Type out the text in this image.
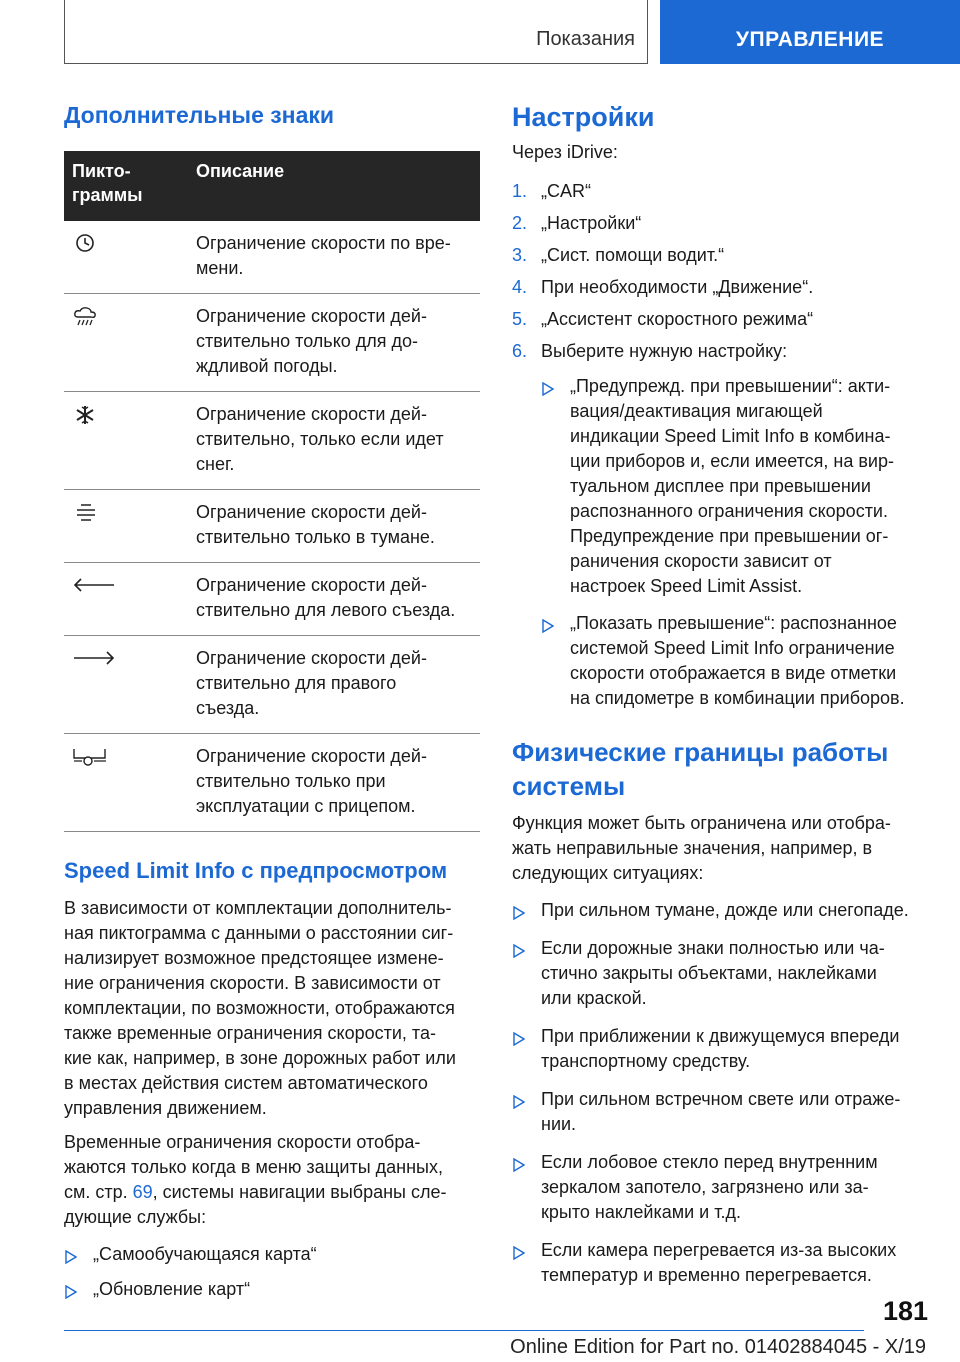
Показания	УПРАВЛЕНИЕ
Дополнительные знаки
Пикто-
граммы	Описание

	Ограничение скорости по вре-
мени.

	Ограничение скорости дей-
ствительно только для до-
ждливой погоды.

	Ограничение скорости дей-
ствительно, только если идет
снег.

	Ограничение скорости дей-
ствительно только в тумане.

	Ограничение скорости дей-
ствительно для левого съезда.

	Ограничение скорости дей-
ствительно для правого
съезда.

	Ограничение скорости дей-
ствительно только при
эксплуатации с прицепом.
Speed Limit Info с предпросмотром

В зависимости от комплектации дополнитель-
ная пиктограмма с данными о расстоянии сиг-
нализирует возможное предстоящее измене-
ние ограничения скорости. В зависимости от
комплектации, по возможности, отображаются
также временные ограничения скорости, та-
кие как, например, в зоне дорожных работ или
в местах действия систем автоматического
управления движением.

Временные ограничения скорости отобра-
жаются только когда в меню защиты данных,
см. стр. 69, системы навигации выбраны сле-
дующие службы:

„Самообучающаяся карта“
„Обновление карт“
Настройки

Через iDrive:

1. „CAR“
2. „Настройки“
3. „Сист. помощи водит.“
4. При необходимости „Движение“.
5. „Ассистент скоростного режима“
6. Выберите нужную настройку:
„Предупрежд. при превышении“: акти-
вация/деактивация мигающей
индикации Speed Limit Info в комбина-
ции приборов и, если имеется, на вир-
туальном дисплее при превышении
распознанного ограничения скорости.
Предупреждение при превышении ог-
раничения скорости зависит от
настроек Speed Limit Assist.
„Показать превышение“: распознанное
системой Speed Limit Info ограничение
скорости отображается в виде отметки
на спидометре в комбинации приборов.
Физические границы работы
системы

Функция может быть ограничена или отобра-
жать неправильные значения, например, в
следующих ситуациях:

При сильном тумане, дожде или снегопаде.
Если дорожные знаки полностью или ча-
стично закрыты объектами, наклейками
или краской.
При приближении к движущемуся впереди
транспортному средству.
При сильном встречном свете или отраже-
нии.
Если лобовое стекло перед внутренним
зеркалом запотело, загрязнено или за-
крыто наклейками и т.д.
Если камера перегревается из-за высоких
температур и временно перегревается.
181
Online Edition for Part no. 01402884045 - X/19
